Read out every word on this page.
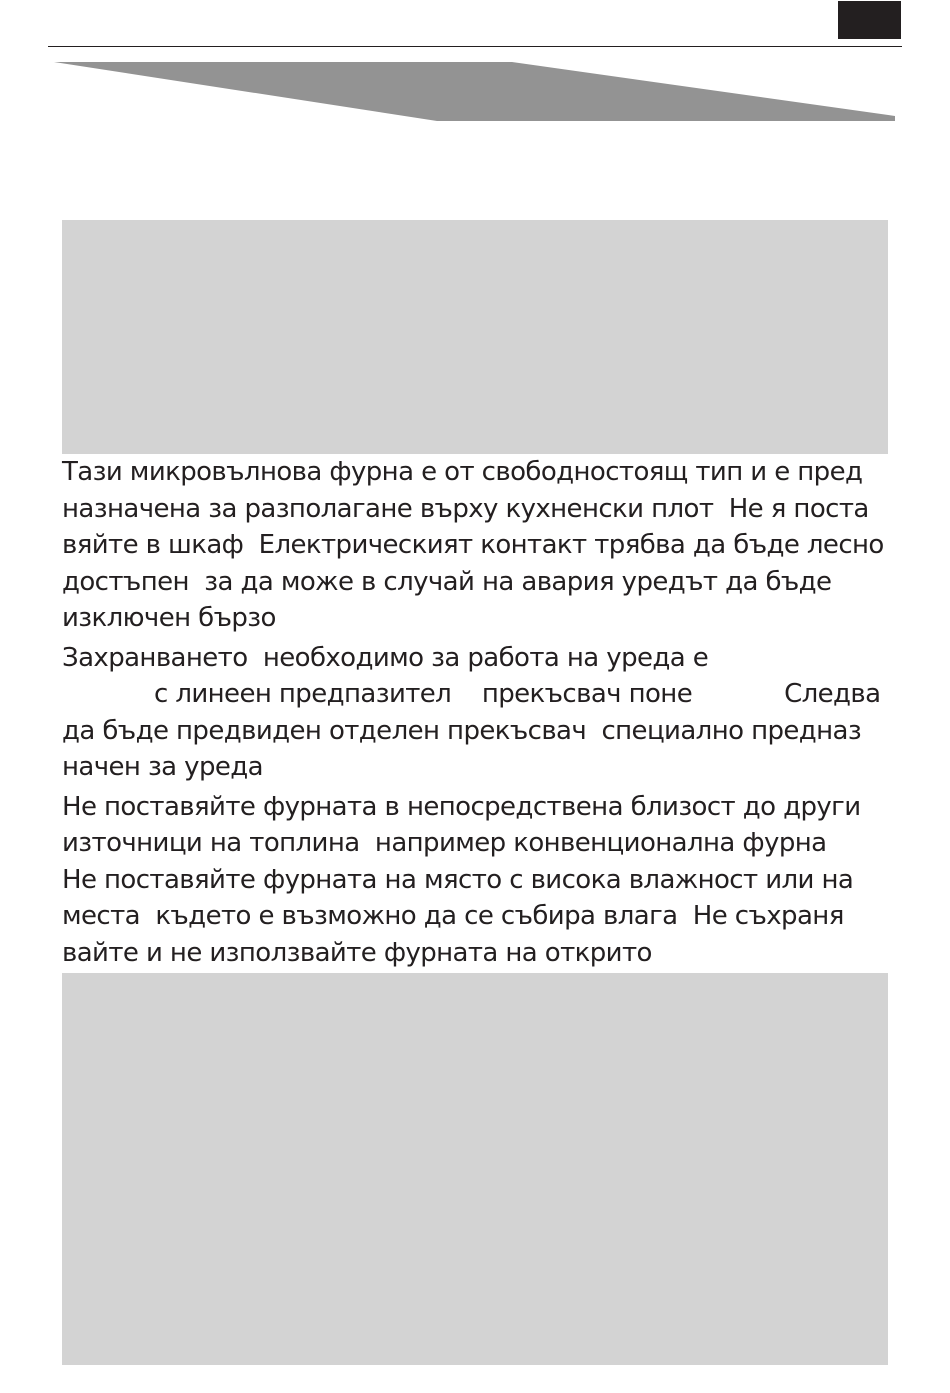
Тази микровълнова фурна е от свободностоящ тип и е пред
назначена за разполагане върху кухненски плот  Не я поста
вяйте в шкаф  Електрическият контакт трябва да бъде лесно
достъпен  за да може в случай на авария уредът да бъде
изключен бързо
Захранването  необходимо за работа на уреда е
с линеен предпазител    прекъсвач поне            Следва
да бъде предвиден отделен прекъсвач  специално предназ
начен за уреда
Не поставяйте фурната в непосредствена близост до други
източници на топлина  например конвенционална фурна
Не поставяйте фурната на място с висока влажност или на
места  където е възможно да се събира влага  Не съхраня
вайте и не използвайте фурната на открито
